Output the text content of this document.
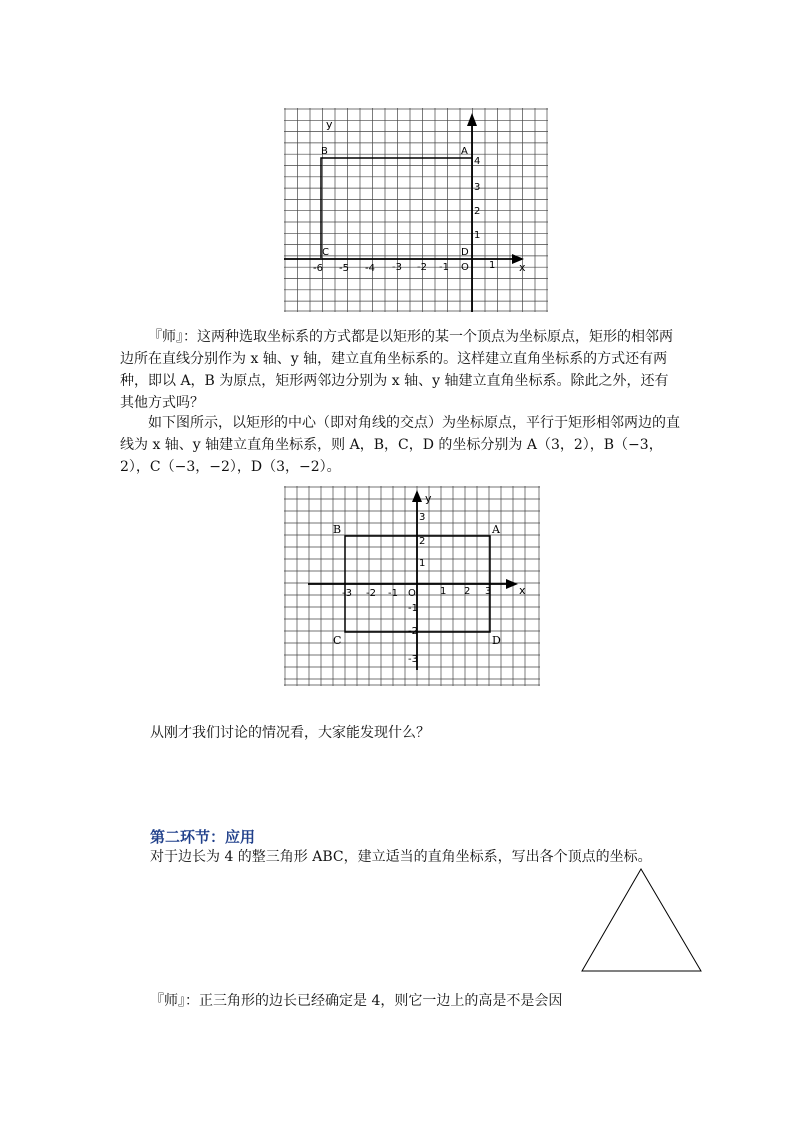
y
B	A
C	D
4
3
2
1
O
-6 -5 -4 -3 -2 -1	1 x
『师』：这两种选取坐标系的方式都是以矩形的某一个顶点为坐标原点，矩形的相邻两边所在直线分别作为 x 轴、y 轴，建立直角坐标系的。这样建立直角坐标系的方式还有两种，即以 A，B 为原点，矩形两邻边分别为 x 轴、y 轴建立直角坐标系。除此之外，还有其他方式吗？
如下图所示，以矩形的中心（即对角线的交点）为坐标原点，平行于矩形相邻两边的直线为 x 轴、y 轴建立直角坐标系，则 A，B，C，D 的坐标分别为 A（3，2），B（−3，2），C（−3，−2），D（3，−2）。
y
3
2
1
B	A
C	D
-3 -2 -1 O 1 2 3	x
-1
-2
-3
从刚才我们讨论的情况看，大家能发现什么？
第二环节：应用
对于边长为 4 的整三角形 ABC，建立适当的直角坐标系，写出各个顶点的坐标。
『师』：正三角形的边长已经确定是 4，则它一边上的高是不是会因
